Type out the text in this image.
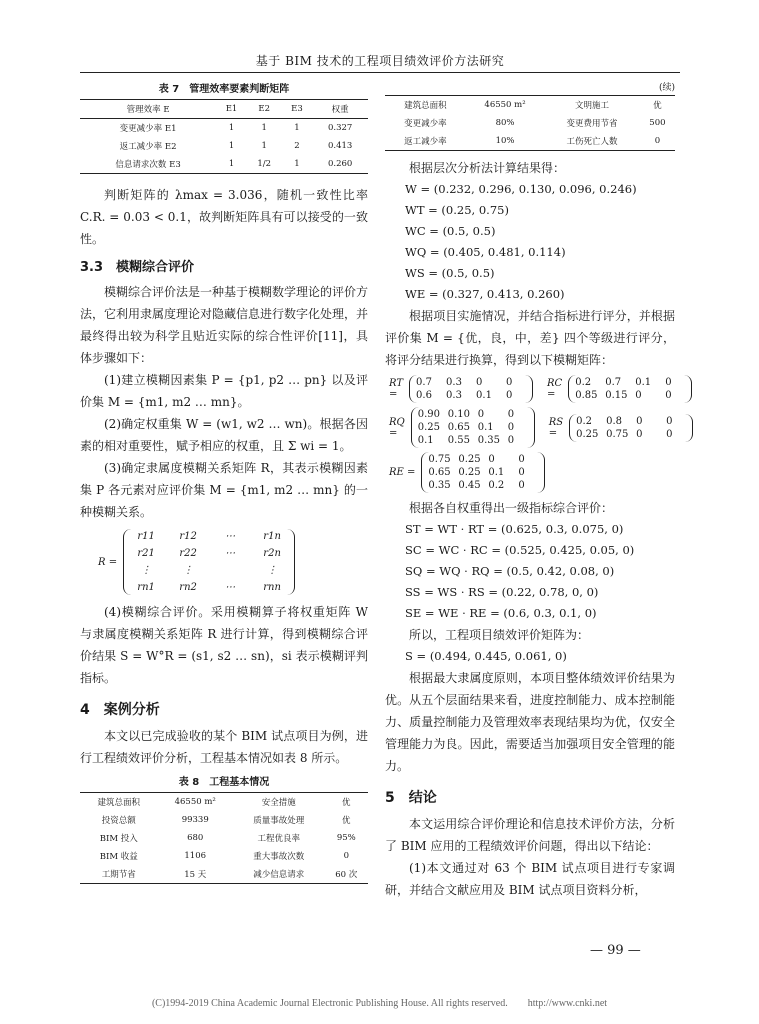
基于 BIM 技术的工程项目绩效评价方法研究
表 7　管理效率要素判断矩阵
管理效率 E	E1	E2	E3	权重
变更减少率 E1	1	1	1	0.327
返工减少率 E2	1	1	2	0.413
信息请求次数 E3	1	1/2	1	0.260

判断矩阵的 λmax = 3.036，随机一致性比率 C.R. = 0.03 < 0.1，故判断矩阵具有可以接受的一致性。

3.3　模糊综合评价

模糊综合评价法是一种基于模糊数学理论的评价方法，它利用隶属度理论对隐藏信息进行数字化处理，并最终得出较为科学且贴近实际的综合性评价[11]，具体步骤如下：

(1)建立模糊因素集 P = {p1, p2 … pn} 以及评价集 M = {m1, m2 … mn}。

(2)确定权重集 W = (w1, w2 … wn)。根据各因素的相对重要性，赋予相应的权重，且 Σ wi = 1。

(3)确定隶属度模糊关系矩阵 R，其表示模糊因素集 P 各元素对应评价集 M = {m1, m2 … mn} 的一种模糊关系。

R =
r11	r12	⋯	r1n
r21	r22	⋯	r2n
⋮	⋮	⋮
rn1	rn2	⋯	rnn

(4)模糊综合评价。采用模糊算子将权重矩阵 W 与隶属度模糊关系矩阵 R 进行计算，得到模糊综合评价结果 S = W°R = (s1, s2 … sn)，si 表示模糊评判指标。

4　案例分析

本文以已完成验收的某个 BIM 试点项目为例，进行工程绩效评价分析，工程基本情况如表 8 所示。

表 8　工程基本情况
建筑总面积	46550 m²	安全措施	优
投资总额	99339	质量事故处理	优
BIM 投入	680	工程优良率	95%
BIM 收益	1106	重大事故次数	0
工期节省	15 天	减少信息请求	60 次
(续)
建筑总面积	46550 m²	文明施工	优
变更减少率	80%	变更费用节省	500
返工减少率	10%	工伤死亡人数	0

根据层次分析法计算结果得：

W = (0.232, 0.296, 0.130, 0.096, 0.246)

WT = (0.25, 0.75)

WC = (0.5, 0.5)

WQ = (0.405, 0.481, 0.114)

WS = (0.5, 0.5)

WE = (0.327, 0.413, 0.260)

根据项目实施情况，并结合指标进行评分，并根据评价集 M = {优，良，中，差} 四个等级进行评分，将评分结果进行换算，得到以下模糊矩阵：

RT =
0.7	0.3	0	0
0.6	0.3	0.1	0
RC =
0.2	0.7	0.1	0
0.85 0.15 0	0
RQ =
0.90 0.10 0	0
0.25 0.65 0.1	0
0.1	0.55 0.35 0
RS =
0.2	0.8	0	0
0.25 0.75 0	0
RE =
0.75 0.25 0	0
0.65 0.25 0.1	0
0.35 0.45 0.2	0

根据各自权重得出一级指标综合评价：

ST = WT · RT = (0.625, 0.3, 0.075, 0)

SC = WC · RC = (0.525, 0.425, 0.05, 0)

SQ = WQ · RQ = (0.5, 0.42, 0.08, 0)

SS = WS · RS = (0.22, 0.78, 0, 0)

SE = WE · RE = (0.6, 0.3, 0.1, 0)

所以，工程项目绩效评价矩阵为：

S = (0.494, 0.445, 0.061, 0)

根据最大隶属度原则，本项目整体绩效评价结果为优。从五个层面结果来看，进度控制能力、成本控制能力、质量控制能力及管理效率表现结果均为优，仅安全管理能力为良。因此，需要适当加强项目安全管理的能力。

5　结论

本文运用综合评价理论和信息技术评价方法，分析了 BIM 应用的工程绩效评价问题，得出以下结论：

(1)本文通过对 63 个 BIM 试点项目进行专家调研，并结合文献应用及 BIM 试点项目资料分析，

— 99 —
(C)1994-2019 China Academic Journal Electronic Publishing House. All rights reserved.　　http://www.cnki.net
